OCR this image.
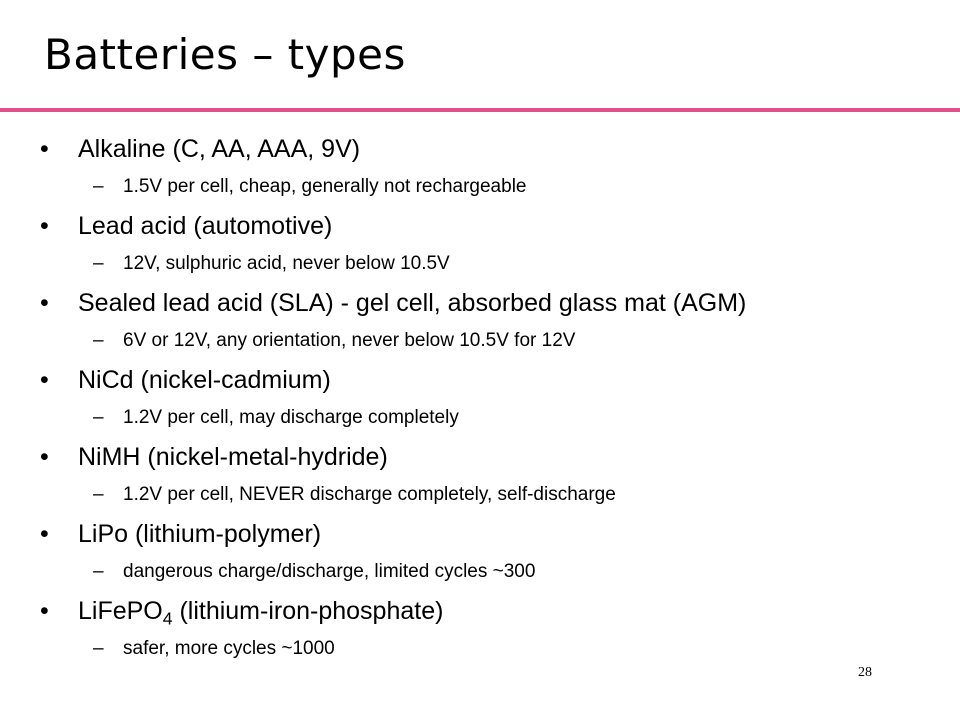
Batteries – types
•	Alkaline (C, AA, AAA, 9V)
–	1.5V per cell, cheap, generally not rechargeable
•	Lead acid (automotive)
–	12V, sulphuric acid, never below 10.5V
•	Sealed lead acid (SLA) - gel cell, absorbed glass mat (AGM)
–	6V or 12V, any orientation, never below 10.5V for 12V
•	NiCd (nickel-cadmium)
–	1.2V per cell, may discharge completely
•	NiMH (nickel-metal-hydride)
–	1.2V per cell, NEVER discharge completely, self-discharge
•	LiPo (lithium-polymer)
–	dangerous charge/discharge, limited cycles ~300
•	LiFePO$_4$ (lithium-iron-phosphate)
–	safer, more cycles ~1000
28
